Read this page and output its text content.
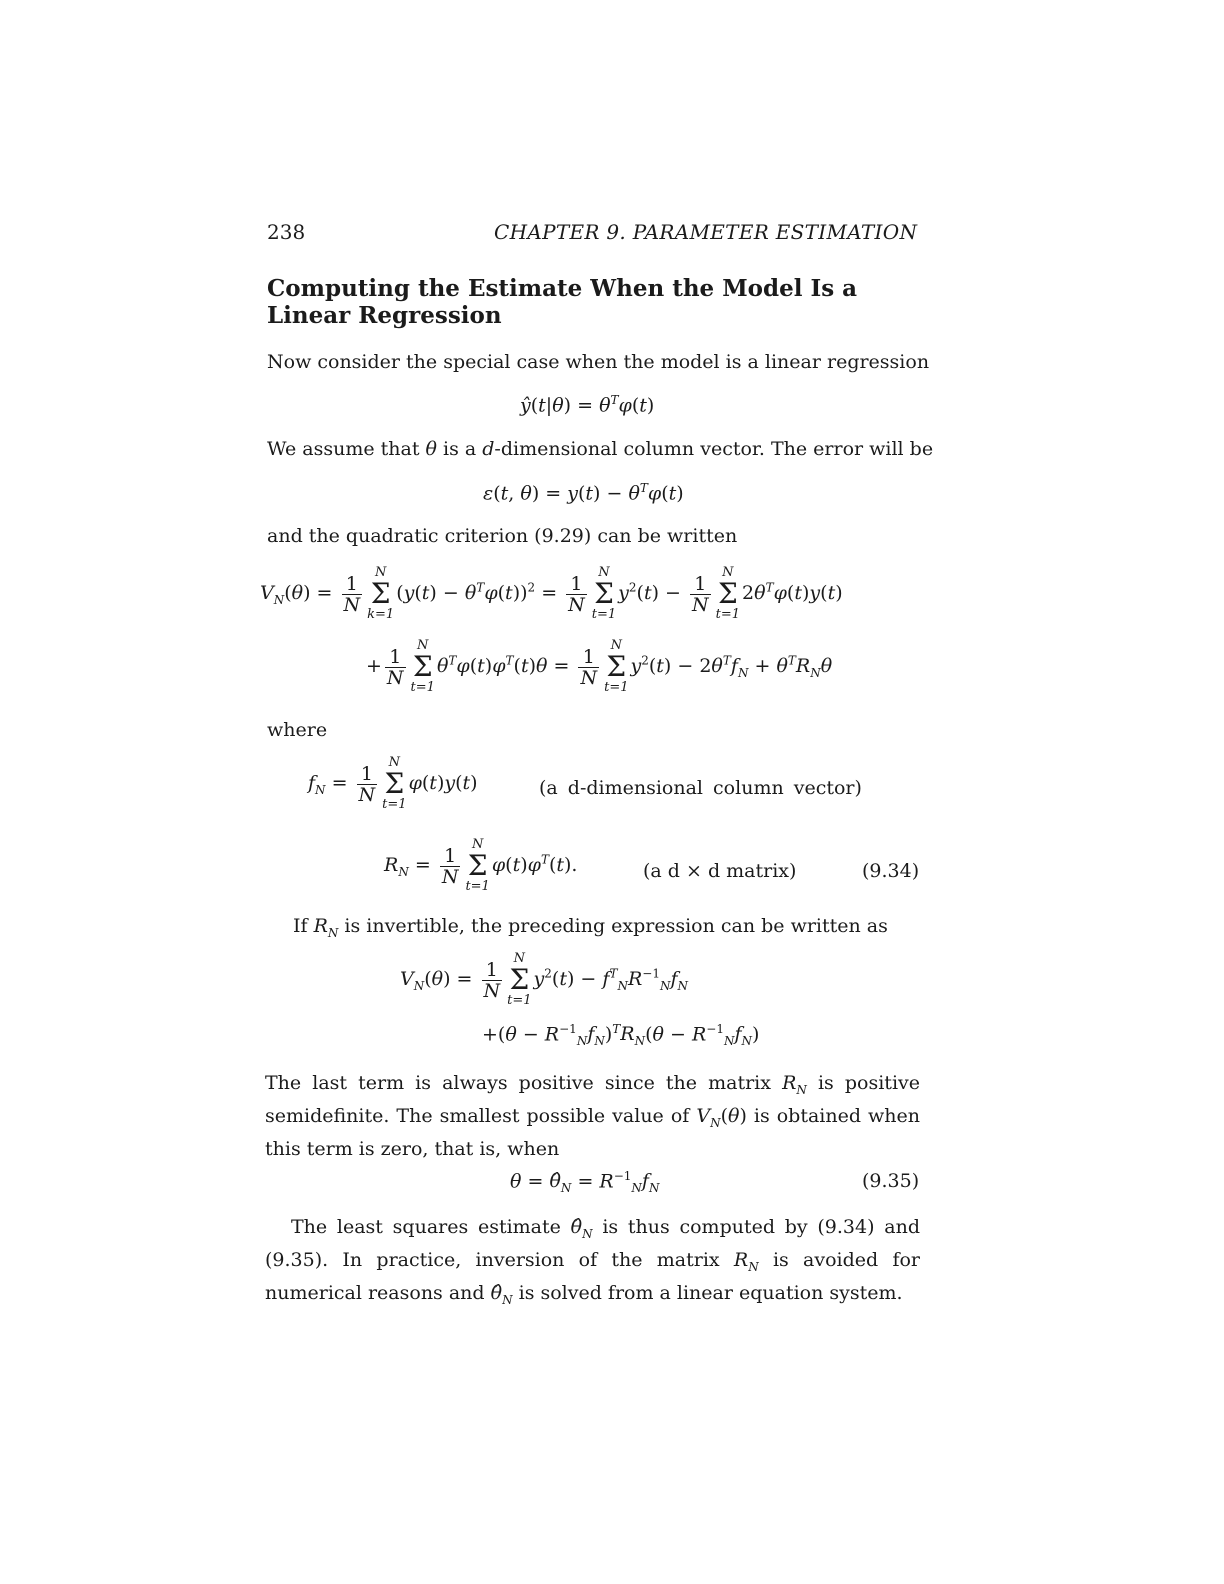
238	CHAPTER 9. PARAMETER ESTIMATION
Computing the Estimate When the Model Is a Linear Regression
Now consider the special case when the model is a linear regression
ŷ(t|θ) = $\theta^T\varphi(t)$
We assume that θ is a d-dimensional column vector. The error will be
ε(t, $\theta) = y(t) - \theta^T\varphi(t)$
and the quadratic criterion (9.29) can be written
$V_N(\theta) = \frac{1}{N}$
N
Σ
k=1
$(y(t) - \theta^T\varphi(t))^2 = \frac{1}{N}$
N
Σ
t=1
$y^2(t) - \frac{1}{N}$
N
Σ
t=1
$2\theta^T\varphi(t)y(t)$
+ $\frac{1}{N}$
N
Σ
t=1
$\theta^T\varphi(t)\varphi^T(t)\theta = \frac{1}{N}$
N
Σ
t=1
$y^2(t) - 2\theta^Tf_N + \theta^TR_N\theta$
where
$f_N = \frac{1}{N}$
N
Σ
t=1
φ(t)y(t)	(a d-dimensional column vector)
$R_N = \frac{1}{N}$
N
Σ
t=1
$\varphi(t)\varphi^T(t)$.	(a d × d matrix)	(9.34)
If $R_N$ is invertible, the preceding expression can be written as
$V_N(\theta) = \frac{1}{N}$
N
Σ
t=1
$y^2(t) - f^T_NR^{-1}_Nf_N$
$+(\theta - R^{-1}_Nf_N)^TR_N(\theta - R^{-1}_Nf_N)$
The last term is always positive since the matrix $R_N$ is positive semidefinite. The smallest possible value of $V_N(\theta)$ is obtained when this term is zero, that is, when
$\theta = \thetâ_N = R^{-1}_Nf_N$	(9.35)
The least squares estimate $\thetâ_N$ is thus computed by (9.34) and (9.35). In practice, inversion of the matrix $R_N$ is avoided for numerical reasons and $\thetâ_N$ is solved from a linear equation system.
